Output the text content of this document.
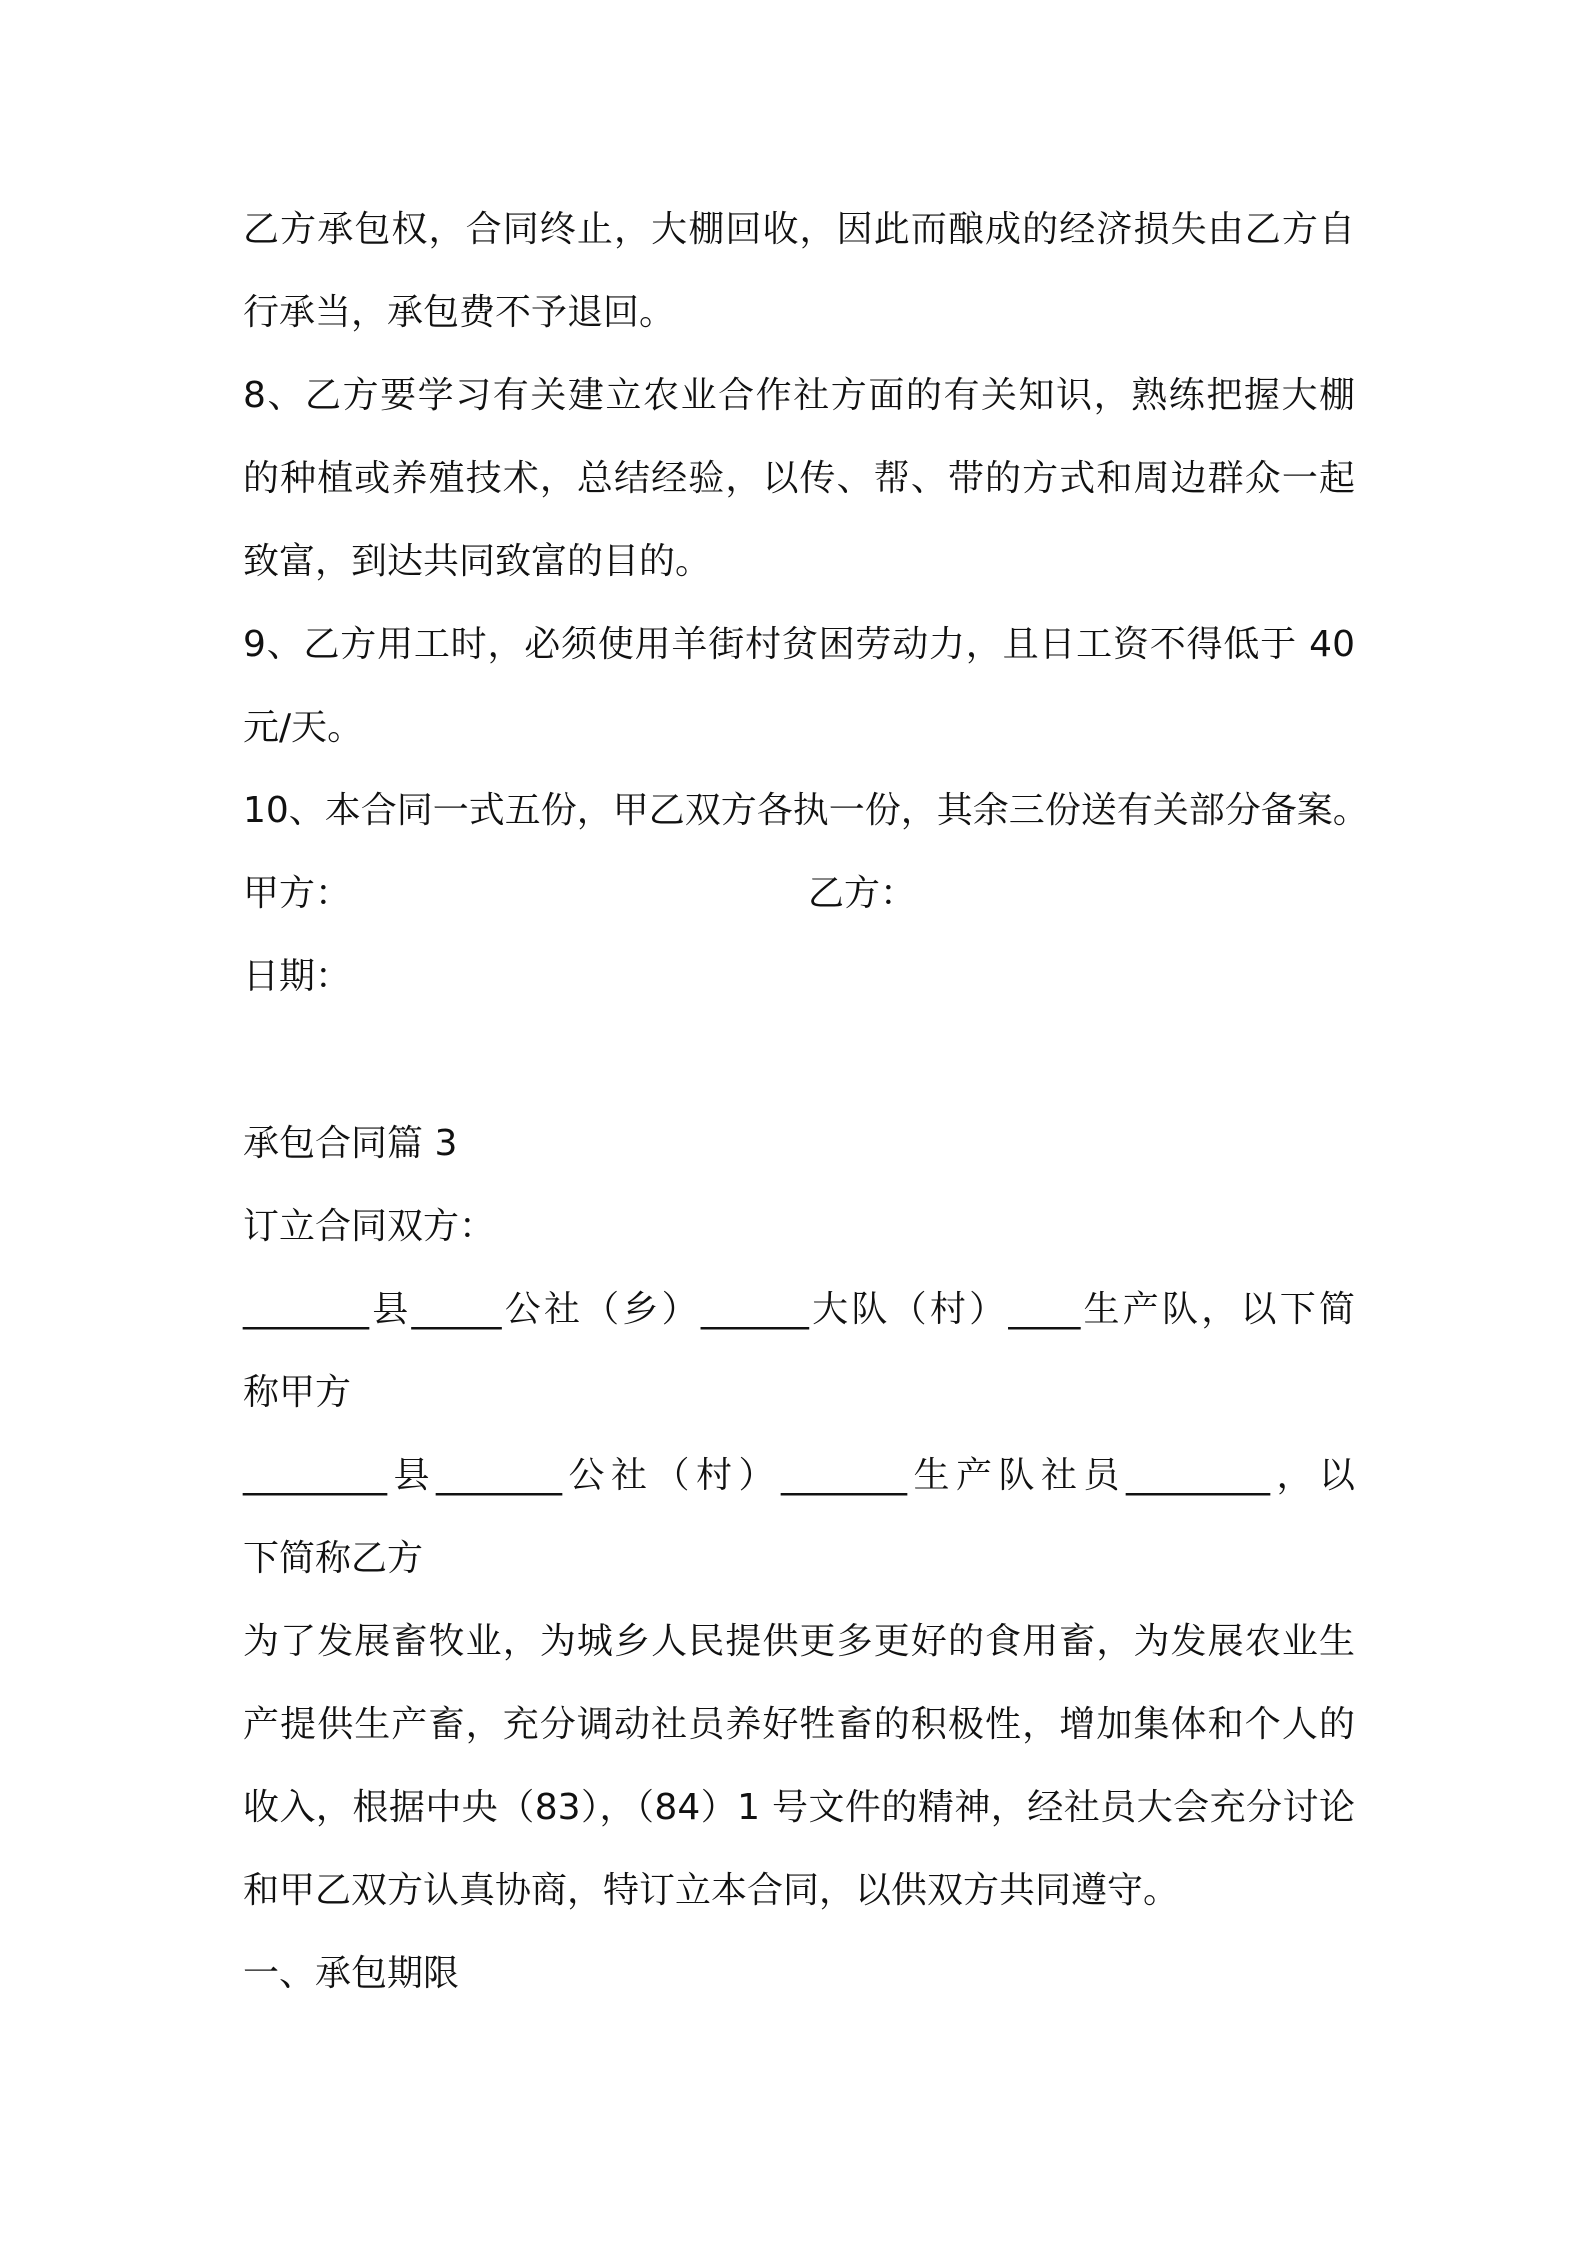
乙方承包权，合同终止，大棚回收，因此而酿成的经济损失由乙方自
行承当，承包费不予退回。
8、乙方要学习有关建立农业合作社方面的有关知识，熟练把握大棚
的种植或养殖技术，总结经验，以传、帮、带的方式和周边群众一起
致富，到达共同致富的目的。
9、乙方用工时，必须使用羊街村贫困劳动力，且日工资不得低于 40
元/天。
10、本合同一式五份，甲乙双方各执一份，其余三份送有关部分备案。
甲方：	乙方：
日期：
承包合同篇 3
订立合同双方：
_______县_____公社（乡）______大队（村）____生产队，以下简
称甲方
________县_______公社（村）_______生产队社员________，以
下简称乙方
为了发展畜牧业，为城乡人民提供更多更好的食用畜，为发展农业生
产提供生产畜，充分调动社员养好牲畜的积极性，增加集体和个人的
收入，根据中央（83），（84）1 号文件的精神，经社员大会充分讨论
和甲乙双方认真协商，特订立本合同，以供双方共同遵守。
一、承包期限
